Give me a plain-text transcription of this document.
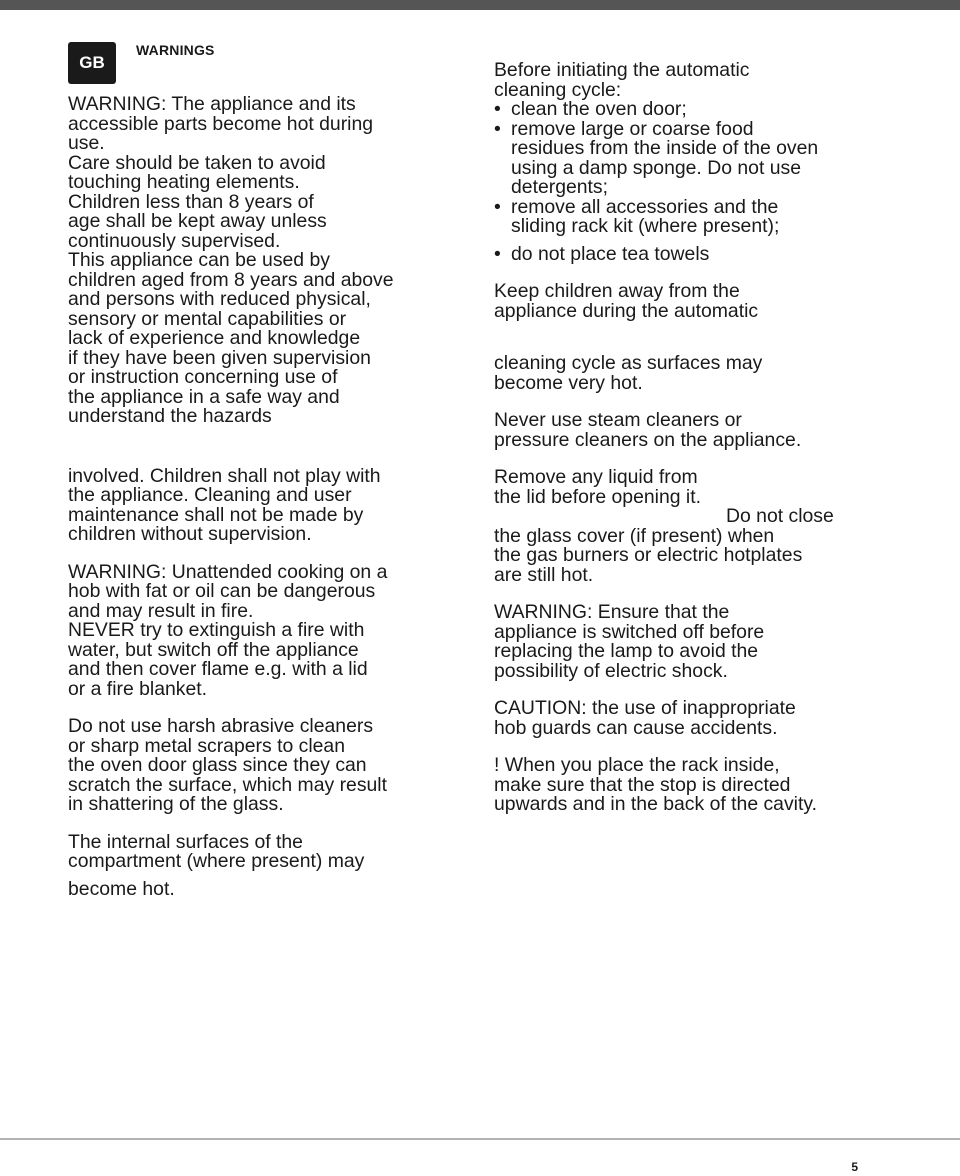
GB
WARNINGS

WARNING: The appliance and its
accessible parts become hot during
use.
Care should be taken to avoid
touching heating elements.
Children less than 8 years of
age shall be kept away unless
continuously supervised.
This appliance can be used by
children aged from 8 years and above
and persons with reduced physical,
sensory or mental capabilities or
lack of experience and knowledge
if they have been given supervision
or instruction concerning use of
the appliance in a safe way and
understand the hazards

involved. Children shall not play with
the appliance. Cleaning and user
maintenance shall not be made by
children without supervision.

WARNING: Unattended cooking on a
hob with fat or oil can be dangerous
and may result in fire.
NEVER try to extinguish a fire with
water, but switch off the appliance
and then cover flame e.g. with a lid
or a fire blanket.

Do not use harsh abrasive cleaners
or sharp metal scrapers to clean
the oven door glass since they can
scratch the surface, which may result
in shattering of the glass.

The internal surfaces of the
compartment (where present) may

become hot.

Before initiating the automatic
cleaning cycle:

• clean the oven door;

• remove large or coarse food
residues from the inside of the oven
using a damp sponge. Do not use
detergents;

• remove all accessories and the
sliding rack kit (where present);

• do not place tea towels

Keep children away from the
appliance during the automatic

cleaning cycle as surfaces may
become very hot.

Never use steam cleaners or
pressure cleaners on the appliance.

Remove any liquid from
the lid before opening it.

Do not close

the glass cover (if present) when
the gas burners or electric hotplates
are still hot.

WARNING: Ensure that the
appliance is switched off before
replacing the lamp to avoid the
possibility of electric shock.

CAUTION: the use of inappropriate
hob guards can cause accidents.

! When you place the rack inside,
make sure that the stop is directed
upwards and in the back of the cavity.

5
